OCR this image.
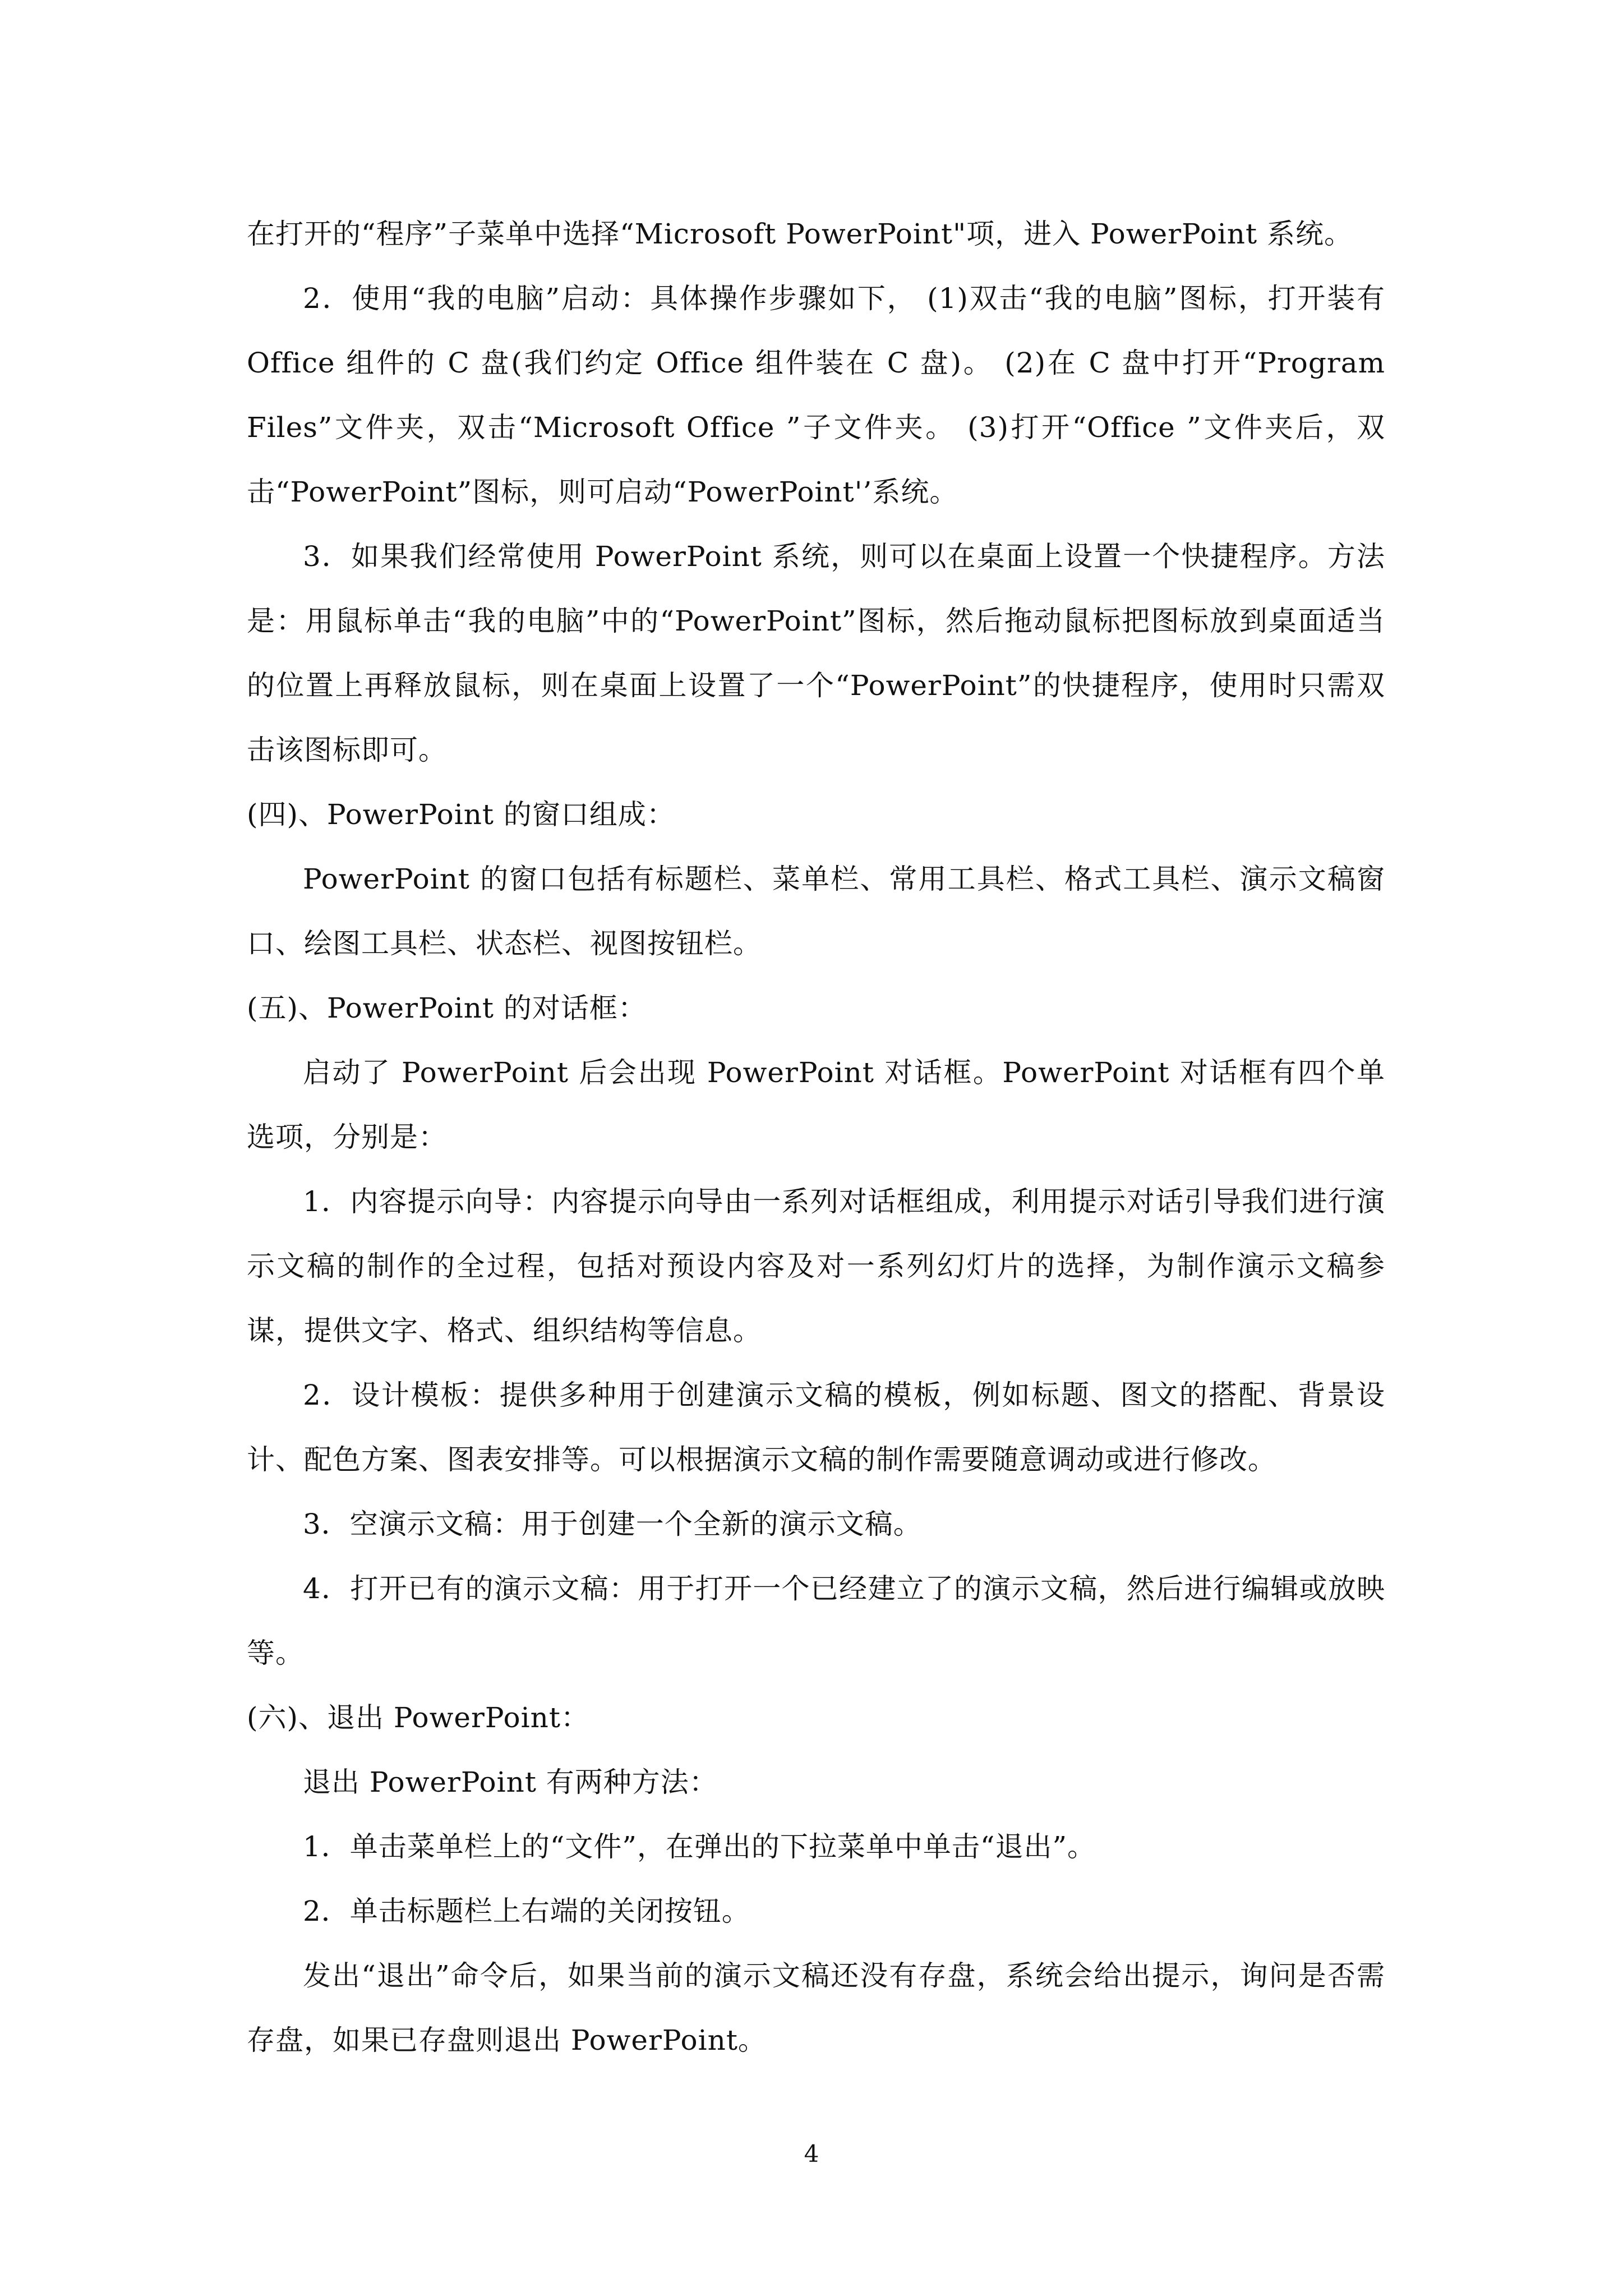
在打开的“程序”子菜单中选择“Microsoft PowerPoint"项，进入 PowerPoint 系统。

2．使用“我的电脑”启动：具体操作步骤如下， (1)双击“我的电脑”图标，打开装有 Office 组件的 C 盘(我们约定 Office 组件装在 C 盘)。 (2)在 C 盘中打开“Program Files”文件夹，双击“Microsoft Office ”子文件夹。 (3)打开“Office ”文件夹后，双击“PowerPoint”图标，则可启动“PowerPoint'’系统。

3．如果我们经常使用 PowerPoint 系统，则可以在桌面上设置一个快捷程序。方法是：用鼠标单击“我的电脑”中的“PowerPoint”图标，然后拖动鼠标把图标放到桌面适当的位置上再释放鼠标，则在桌面上设置了一个“PowerPoint”的快捷程序，使用时只需双击该图标即可。

(四)、PowerPoint 的窗口组成：

PowerPoint 的窗口包括有标题栏、菜单栏、常用工具栏、格式工具栏、演示文稿窗口、绘图工具栏、状态栏、视图按钮栏。

(五)、PowerPoint 的对话框：

启动了 PowerPoint 后会出现 PowerPoint 对话框。PowerPoint 对话框有四个单选项，分别是：

1．内容提示向导：内容提示向导由一系列对话框组成，利用提示对话引导我们进行演示文稿的制作的全过程，包括对预设内容及对一系列幻灯片的选择，为制作演示文稿参谋，提供文字、格式、组织结构等信息。

2．设计模板：提供多种用于创建演示文稿的模板，例如标题、图文的搭配、背景设计、配色方案、图表安排等。可以根据演示文稿的制作需要随意调动或进行修改。

3．空演示文稿：用于创建一个全新的演示文稿。

4．打开已有的演示文稿：用于打开一个已经建立了的演示文稿，然后进行编辑或放映等。

(六)、退出 PowerPoint：

退出 PowerPoint 有两种方法：

1．单击菜单栏上的“文件”，在弹出的下拉菜单中单击“退出”。

2．单击标题栏上右端的关闭按钮。

发出“退出”命令后，如果当前的演示文稿还没有存盘，系统会给出提示，询问是否需存盘，如果已存盘则退出 PowerPoint。

4
